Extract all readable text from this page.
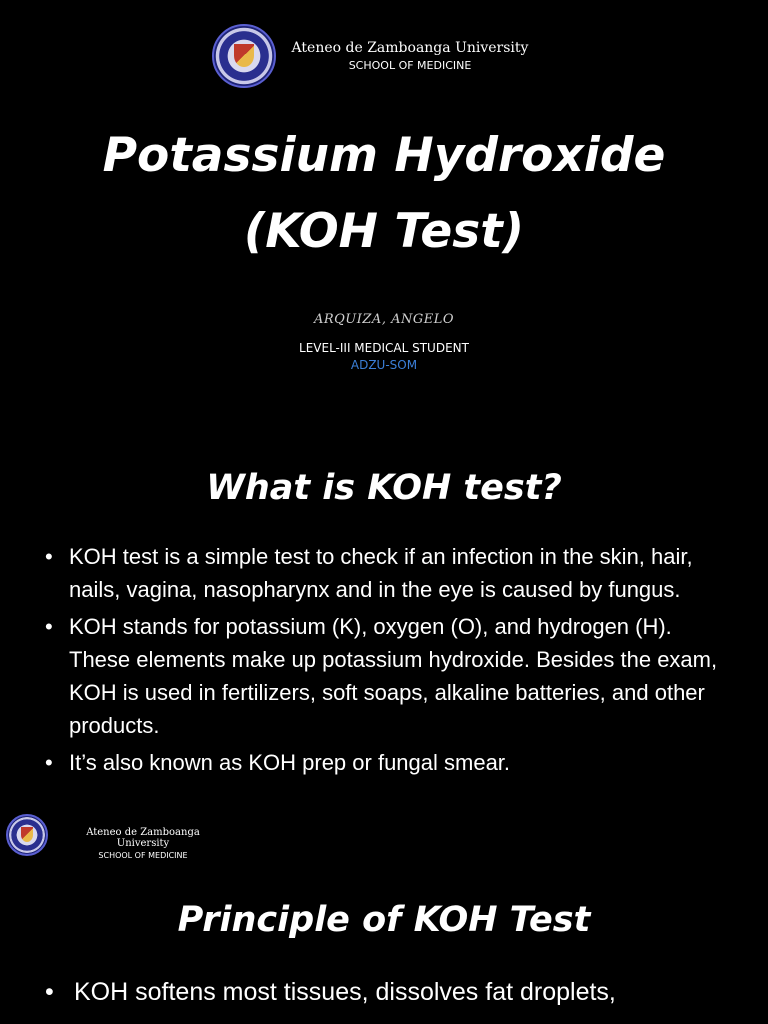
Ateneo de Zamboanga University
SCHOOL OF MEDICINE
Potassium Hydroxide
(KOH Test)
ARQUIZA, ANGELO
LEVEL-III MEDICAL STUDENT
ADZU-SOM
What is KOH test?
• KOH test is a simple test to check if an infection in the skin, hair, nails, vagina, nasopharynx and in the eye is caused by fungus.
• KOH stands for potassium (K), oxygen (O), and hydrogen (H). These elements make up potassium hydroxide. Besides the exam, KOH is used in fertilizers, soft soaps, alkaline batteries, and other products.
• It’s also known as KOH prep or fungal smear.
Ateneo de Zamboanga University
SCHOOL OF MEDICINE
Principle of KOH Test
• KOH softens most tissues, dissolves fat droplets,
